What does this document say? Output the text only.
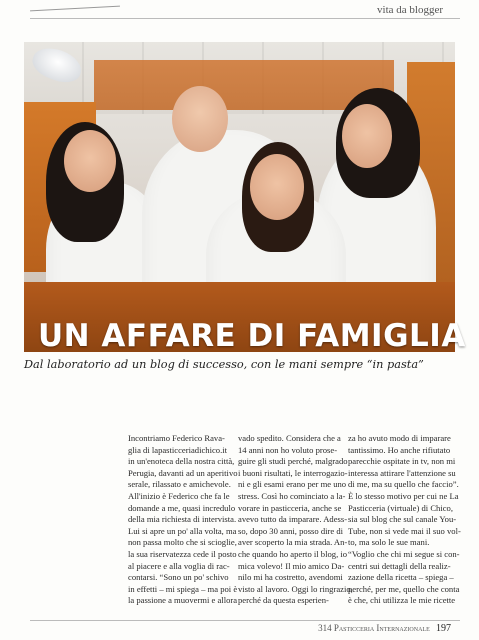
vita da blogger
UN AFFARE DI FAMIGLIA
Dal laboratorio ad un blog di successo, con le mani sempre “in pasta”

Incontriamo Federico Rava-
glia di lapasticceriadichico.it
in un'enoteca della nostra città,
Perugia, davanti ad un aperitivo
serale, rilassato e amichevole.
All'inizio è Federico che fa le
domande a me, quasi incredulo
della mia richiesta di intervista.
Lui si apre un po' alla volta, ma
non passa molto che si scioglie,
la sua riservatezza cede il posto
al piacere e alla voglia di rac-
contarsi. “Sono un po' schivo
in effetti – mi spiega – ma poi è
la passione a muovermi e allora

vado spedito. Considera che a
14 anni non ho voluto prose-
guire gli studi perché, malgrado
i buoni risultati, le interrogazio-
ni e gli esami erano per me uno
stress. Così ho cominciato a la-
vorare in pasticceria, anche se
avevo tutto da imparare. Adess-
so, dopo 30 anni, posso dire di
aver scoperto la mia strada. An-
che quando ho aperto il blog, io
mica volevo! Il mio amico Da-
nilo mi ha costretto, avendomi
visto al lavoro. Oggi lo ringrazio,
perché da questa esperien-

za ho avuto modo di imparare
tantissimo. Ho anche rifiutato
parecchie ospitate in tv, non mi
interessa attirare l'attenzione su
di me, ma su quello che faccio”.
È lo stesso motivo per cui ne La
Pasticceria (virtuale) di Chico,
sia sul blog che sul canale You-
Tube, non si vede mai il suo vol-
to, ma solo le sue mani.
“Voglio che chi mi segue si con-
centri sui dettagli della realiz-
zazione della ricetta – spiega –
perché, per me, quello che conta
è che, chi utilizza le mie ricette

314 Pasticceria Internazionale 197
